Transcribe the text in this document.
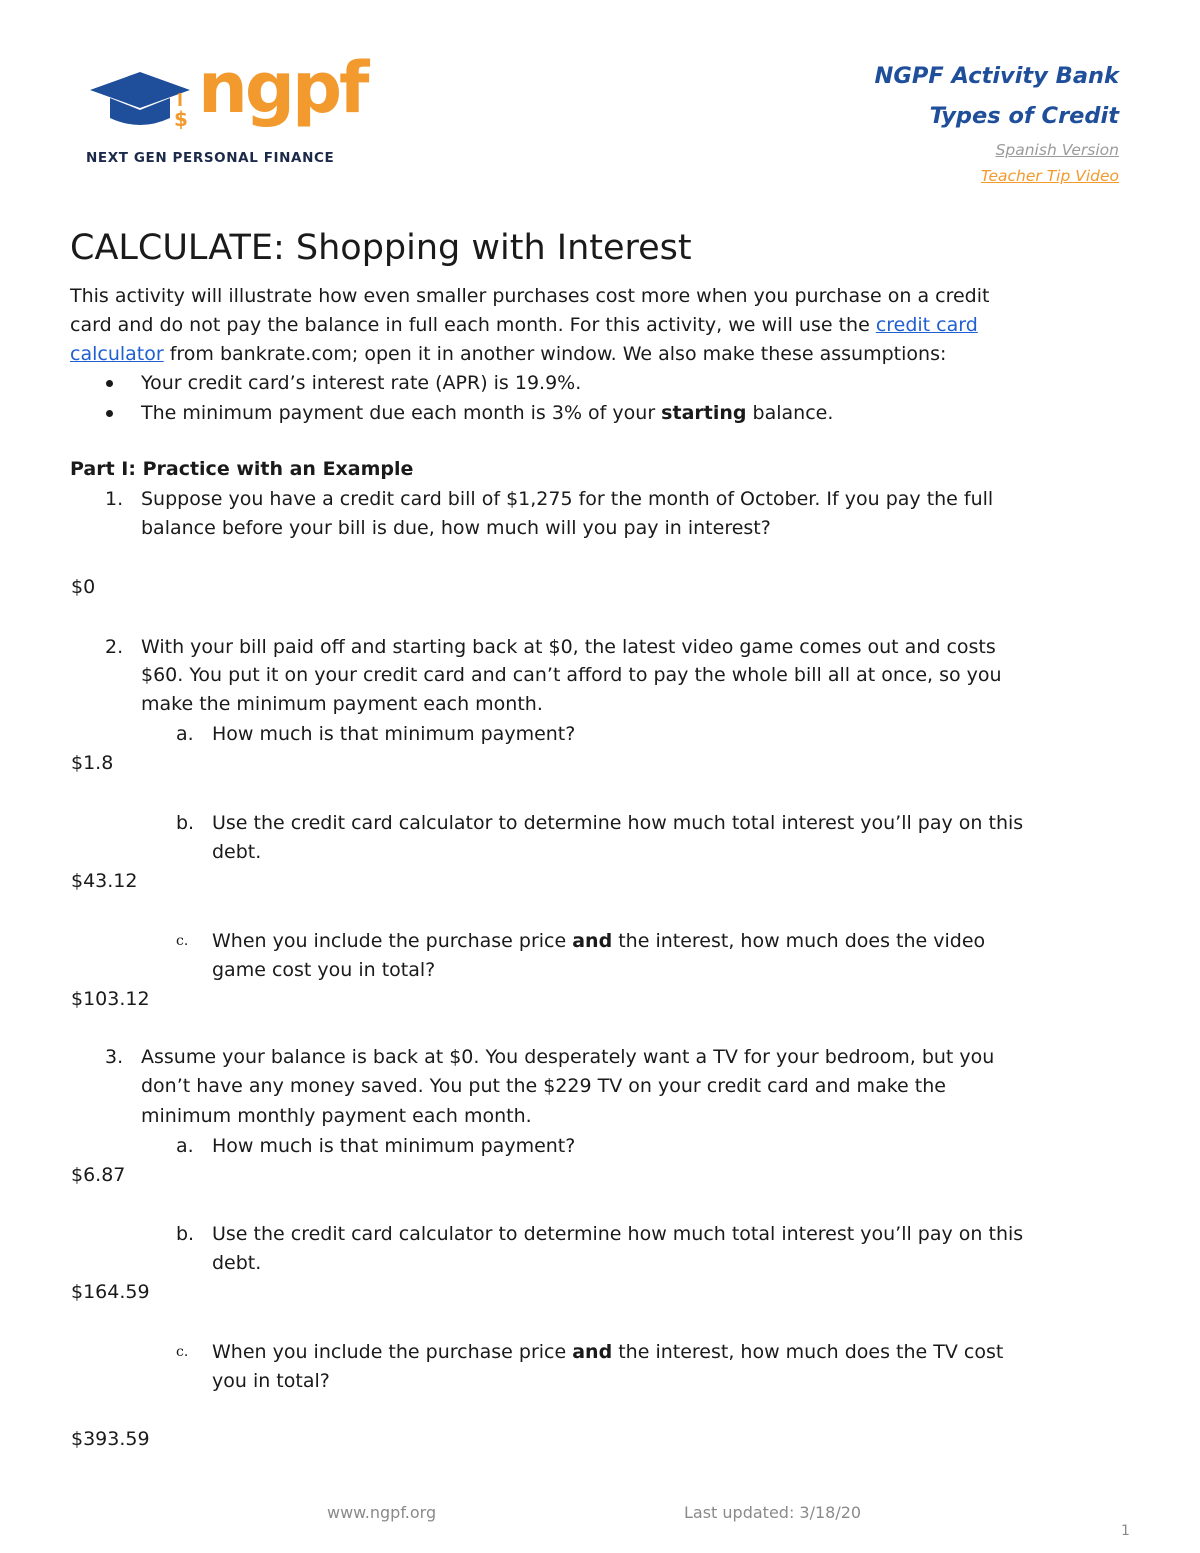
$ ngpf
NEXT GEN PERSONAL FINANCE
NGPF Activity Bank
Types of Credit
Spanish Version
Teacher Tip Video
CALCULATE: Shopping with Interest
This activity will illustrate how even smaller purchases cost more when you purchase on a credit
card and do not pay the balance in full each month. For this activity, we will use the credit card
calculator from bankrate.com; open it in another window. We also make these assumptions:
Your credit card’s interest rate (APR) is 19.9%.
The minimum payment due each month is 3% of your starting balance.
Part I: Practice with an Example
1. Suppose you have a credit card bill of $1,275 for the month of October. If you pay the full
balance before your bill is due, how much will you pay in interest?
$0
2. With your bill paid off and starting back at $0, the latest video game comes out and costs
$60. You put it on your credit card and can’t afford to pay the whole bill all at once, so you
make the minimum payment each month.
a. How much is that minimum payment?
$1.8
b. Use the credit card calculator to determine how much total interest you’ll pay on this
debt.
$43.12
c. When you include the purchase price and the interest, how much does the video
game cost you in total?
$103.12
3. Assume your balance is back at $0. You desperately want a TV for your bedroom, but you
don’t have any money saved. You put the $229 TV on your credit card and make the
minimum monthly payment each month.
a. How much is that minimum payment?
$6.87
b. Use the credit card calculator to determine how much total interest you’ll pay on this
debt.
$164.59
c. When you include the purchase price and the interest, how much does the TV cost
you in total?
$393.59
www.ngpf.org	Last updated: 3/18/20
1
